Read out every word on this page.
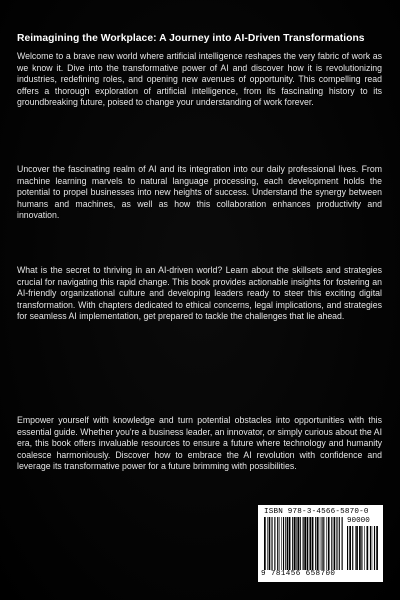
Reimagining the Workplace: A Journey into AI-Driven Transformations

Welcome to a brave new world where artificial intelligence reshapes the very fabric of work as we know it. Dive into the transformative power of AI and discover how it is revolutionizing industries, redefining roles, and opening new avenues of opportunity. This compelling read offers a thorough exploration of artificial intelligence, from its fascinating history to its groundbreaking future, poised to change your understanding of work forever.

Uncover the fascinating realm of AI and its integration into our daily professional lives. From machine learning marvels to natural language processing, each development holds the potential to propel businesses into new heights of success. Understand the synergy between humans and machines, as well as how this collaboration enhances productivity and innovation.

What is the secret to thriving in an AI-driven world? Learn about the skillsets and strategies crucial for navigating this rapid change. This book provides actionable insights for fostering an AI-friendly organizational culture and developing leaders ready to steer this exciting digital transformation. With chapters dedicated to ethical concerns, legal implications, and strategies for seamless AI implementation, get prepared to tackle the challenges that lie ahead.

Empower yourself with knowledge and turn potential obstacles into opportunities with this essential guide. Whether you're a business leader, an innovator, or simply curious about the AI era, this book offers invaluable resources to ensure a future where technology and humanity coalesce harmoniously. Discover how to embrace the AI revolution with confidence and leverage its transformative power for a future brimming with possibilities.

ISBN 978-3-4566-5870-0
90000
9 781456 658700
